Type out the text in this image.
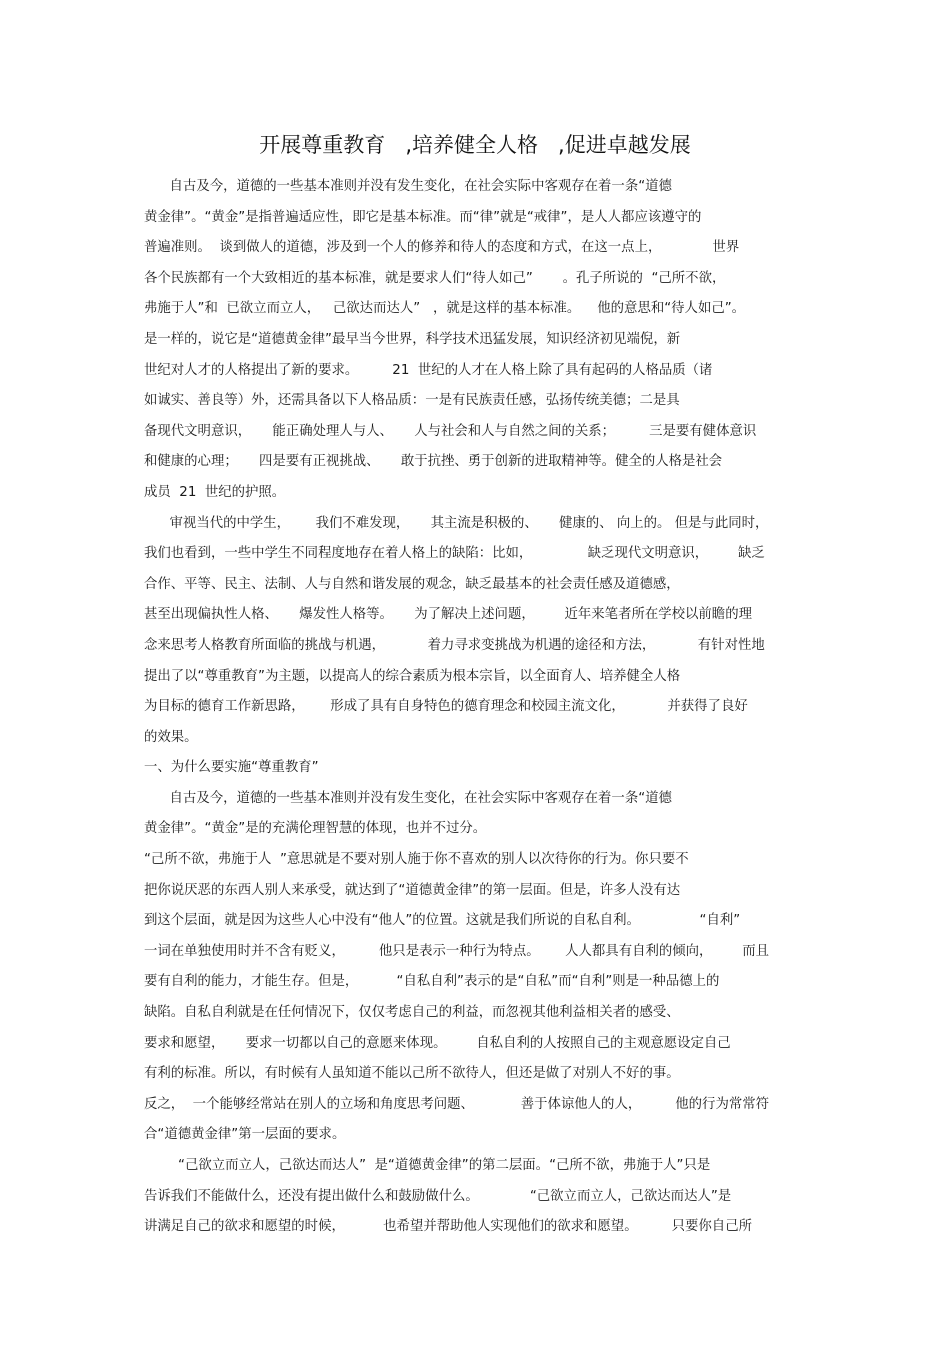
开展尊重教育   ,培养健全人格   ,促进卓越发展
自古及今，道德的一些基本准则并没有发生变化，在社会实际中客观存在着一条“道德
黄金律”。“黄金”是指普遍适应性，即它是基本标准。而“律”就是“戒律”，是人人都应该遵守的
普遍准则。  谈到做人的道德，涉及到一个人的修养和待人的态度和方式，在这一点上，            世界
各个民族都有一个大致相近的基本标准，就是要求人们“待人如己”       。孔子所说的  “己所不欲，
弗施于人”和  已欲立而立人，   己欲达而达人”   ，就是这样的基本标准。    他的意思和“待人如己”。
是一样的，说它是“道德黄金律”最早当今世界，科学技术迅猛发展，知识经济初见端倪，新
世纪对人才的人格提出了新的要求。        21  世纪的人才在人格上除了具有起码的人格品质（诸
如诚实、善良等）外，还需具备以下人格品质：一是有民族责任感，弘扬传统美德；二是具
备现代文明意识，     能正确处理人与人、     人与社会和人与自然之间的关系；        三是要有健体意识
和健康的心理；     四是要有正视挑战、     敢于抗挫、勇于创新的进取精神等。健全的人格是社会
成员  21  世纪的护照。
审视当代的中学生，      我们不难发现，     其主流是积极的、     健康的、 向上的。 但是与此同时，
我们也看到，一些中学生不同程度地存在着人格上的缺陷：比如，             缺乏现代文明意识，       缺乏
合作、平等、民主、法制、人与自然和谐发展的观念，缺乏最基本的社会责任感及道德感，
甚至出现偏执性人格、     爆发性人格等。     为了解决上述问题，       近年来笔者所在学校以前瞻的理
念来思考人格教育所面临的挑战与机遇，          着力寻求变挑战为机遇的途径和方法，          有针对性地
提出了以“尊重教育”为主题，以提高人的综合素质为根本宗旨，以全面育人、培养健全人格
为目标的德育工作新思路，      形成了具有自身特色的德育理念和校园主流文化，          并获得了良好
的效果。
一、为什么要实施“尊重教育”
自古及今，道德的一些基本准则并没有发生变化，在社会实际中客观存在着一条“道德
黄金律”。“黄金”是的充满伦理智慧的体现，也并不过分。
“己所不欲，弗施于人  ”意思就是不要对别人施于你不喜欢的别人以次待你的行为。你只要不
把你说厌恶的东西人别人来承受，就达到了“道德黄金律”的第一层面。但是，许多人没有达
到这个层面，就是因为这些人心中没有“他人”的位置。这就是我们所说的自私自利。              “自利”
一词在单独使用时并不含有贬义，        他只是表示一种行为特点。      人人都具有自利的倾向，       而且
要有自利的能力，才能生存。但是，         “自私自利”表示的是“自私”而“自利”则是一种品德上的
缺陷。自私自利就是在任何情况下，仅仅考虑自己的利益，而忽视其他利益相关者的感受、
要求和愿望，     要求一切都以自己的意愿来体现。       自私自利的人按照自己的主观意愿设定自己
有利的标准。所以，有时候有人虽知道不能以己所不欲待人，但还是做了对别人不好的事。
反之，  一个能够经常站在别人的立场和角度思考问题、           善于体谅他人的人，        他的行为常常符
合“道德黄金律”第一层面的要求。
“己欲立而立人，己欲达而达人”  是“道德黄金律”的第二层面。“己所不欲，弗施于人”只是
告诉我们不能做什么，还没有提出做什么和鼓励做什么。            “己欲立而立人，己欲达而达人”是
讲满足自己的欲求和愿望的时候，         也希望并帮助他人实现他们的欲求和愿望。        只要你自己所
